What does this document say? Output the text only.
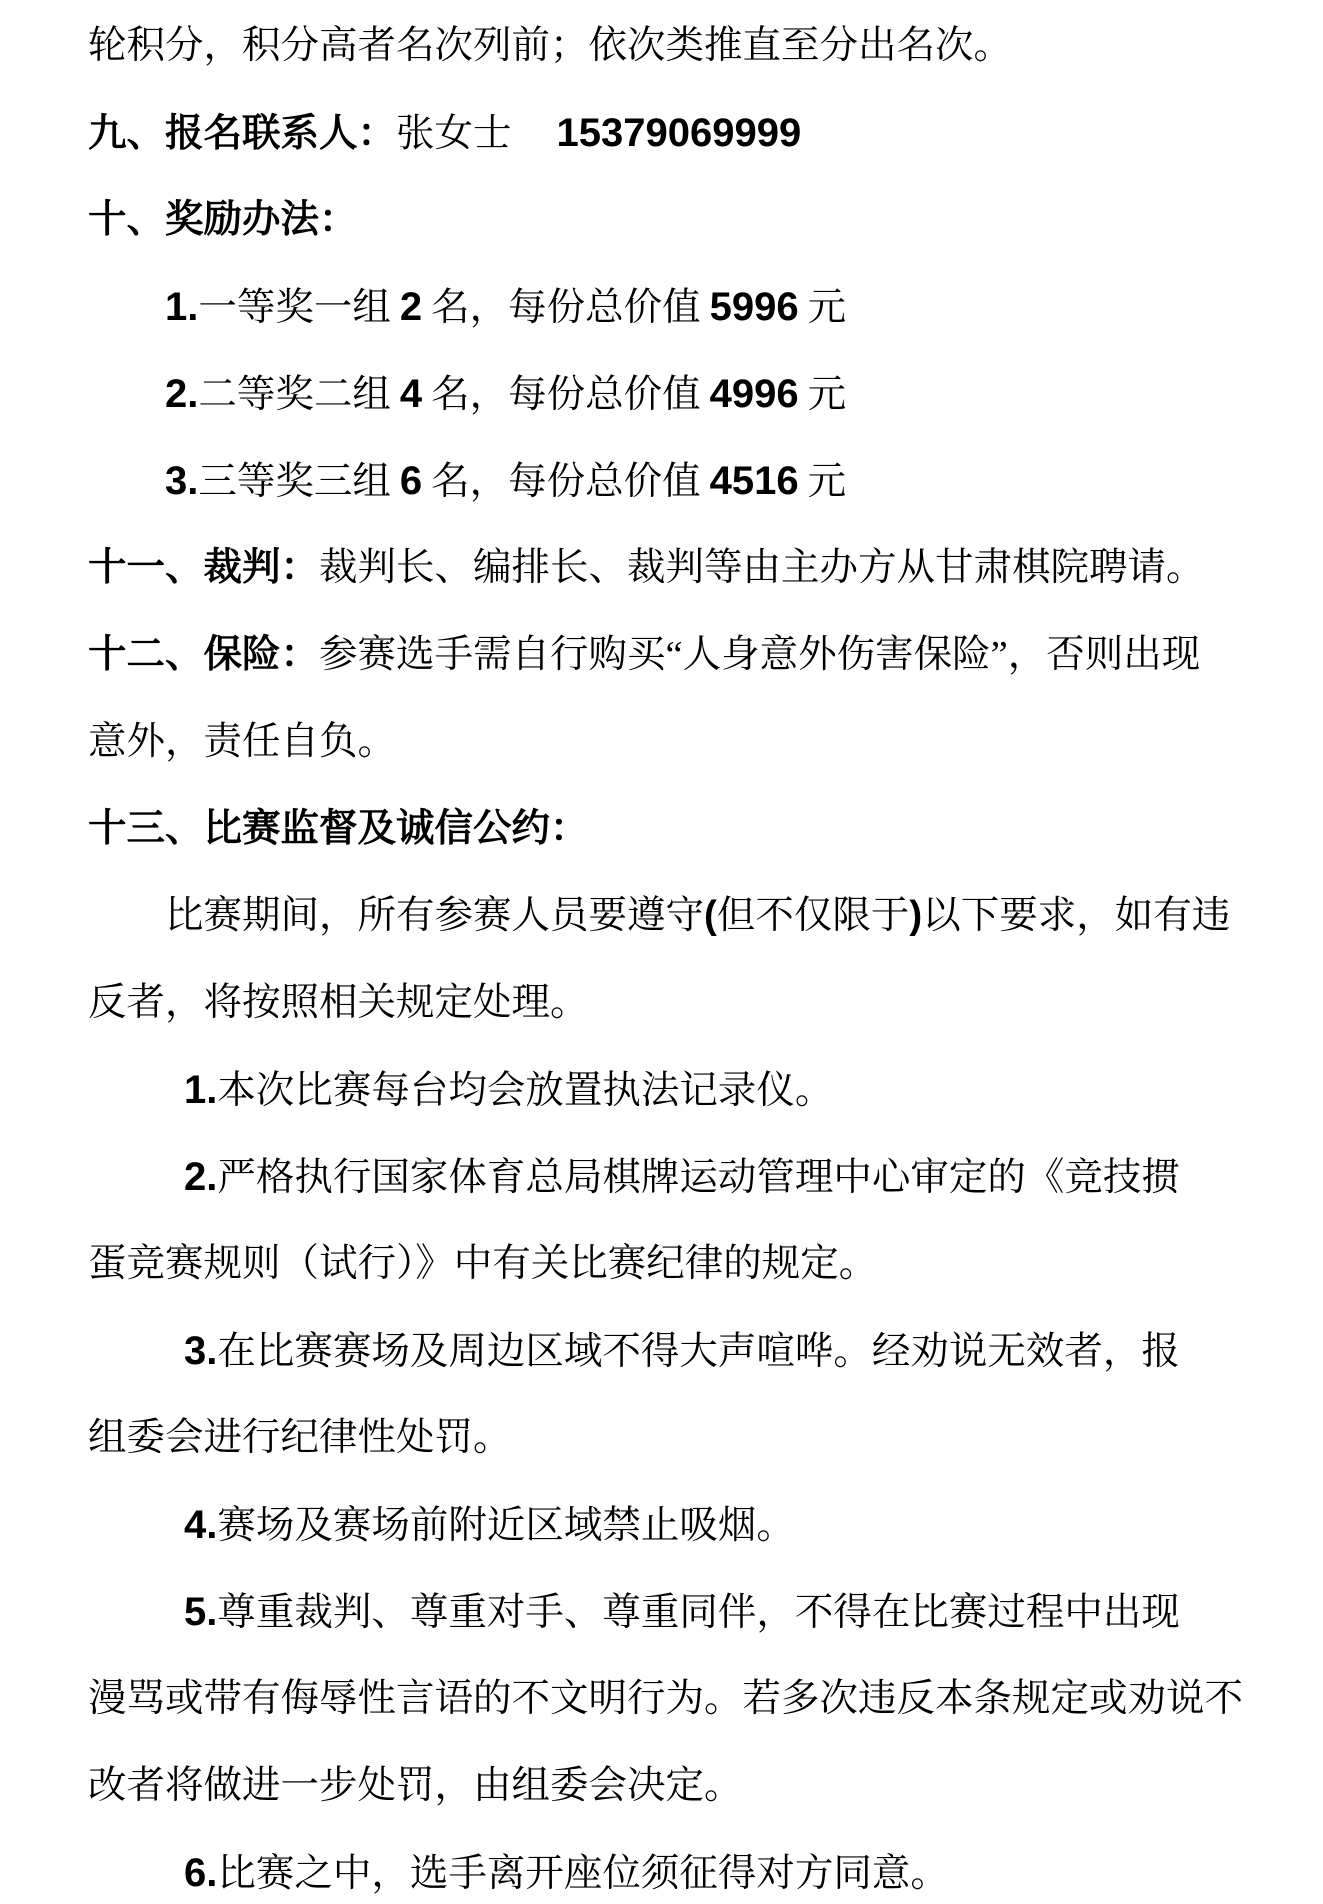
轮积分，积分高者名次列前；依次类推直至分出名次。
九、报名联系人：张女士 15379069999
十、奖励办法：
1.一等奖一组 2 名，每份总价值 5996 元
2.二等奖二组 4 名，每份总价值 4996 元
3.三等奖三组 6 名，每份总价值 4516 元
十一、裁判：裁判长、编排长、裁判等由主办方从甘肃棋院聘请。
十二、保险：参赛选手需自行购买“人身意外伤害保险”，否则出现
意外，责任自负。
十三、比赛监督及诚信公约：
比赛期间，所有参赛人员要遵守(但不仅限于)以下要求，如有违
反者，将按照相关规定处理。
1.本次比赛每台均会放置执法记录仪。
2.严格执行国家体育总局棋牌运动管理中心审定的《竞技掼
蛋竞赛规则（试行）》中有关比赛纪律的规定。
3.在比赛赛场及周边区域不得大声喧哗。经劝说无效者，报
组委会进行纪律性处罚。
4.赛场及赛场前附近区域禁止吸烟。
5.尊重裁判、尊重对手、尊重同伴，不得在比赛过程中出现
漫骂或带有侮辱性言语的不文明行为。若多次违反本条规定或劝说不
改者将做进一步处罚，由组委会决定。
6.比赛之中，选手离开座位须征得对方同意。
